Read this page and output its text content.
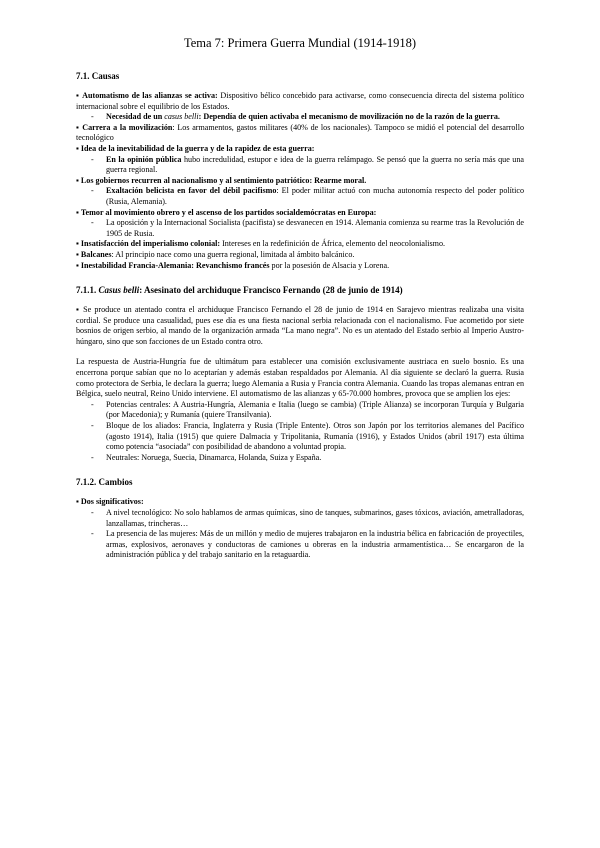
Tema 7: Primera Guerra Mundial (1914-1918)
7.1. Causas

▪ Automatismo de las alianzas se activa: Dispositivo bélico concebido para activarse, como consecuencia directa del sistema político internacional sobre el equilibrio de los Estados.

- Necesidad de un casus belli: Dependía de quien activaba el mecanismo de movilización no de la razón de la guerra.

▪ Carrera a la movilización: Los armamentos, gastos militares (40% de los nacionales). Tampoco se midió el potencial del desarrollo tecnológico

▪ Idea de la inevitabilidad de la guerra y de la rapidez de esta guerra:

- En la opinión pública hubo incredulidad, estupor e idea de la guerra relámpago. Se pensó que la guerra no sería más que una guerra regional.

▪ Los gobiernos recurren al nacionalismo y al sentimiento patriótico: Rearme moral.

- Exaltación belicista en favor del débil pacifismo: El poder militar actuó con mucha autonomía respecto del poder político (Rusia, Alemania).

▪ Temor al movimiento obrero y el ascenso de los partidos socialdemócratas en Europa:

- La oposición y la Internacional Socialista (pacifista) se desvanecen en 1914. Alemania comienza su rearme tras la Revolución de 1905 de Rusia.

▪ Insatisfacción del imperialismo colonial: Intereses en la redefinición de África, elemento del neocolonialismo.

▪ Balcanes: Al principio nace como una guerra regional, limitada al ámbito balcánico.

▪ Inestabilidad Francia-Alemania: Revanchismo francés por la posesión de Alsacia y Lorena.

7.1.1. Casus belli: Asesinato del archiduque Francisco Fernando (28 de junio de 1914)

▪ Se produce un atentado contra el archiduque Francisco Fernando el 28 de junio de 1914 en Sarajevo mientras realizaba una visita cordial. Se produce una casualidad, pues ese día es una fiesta nacional serbia relacionada con el nacionalismo. Fue acometido por siete bosnios de origen serbio, al mando de la organización armada “La mano negra”. No es un atentado del Estado serbio al Imperio Austro-húngaro, sino que son facciones de un Estado contra otro.

La respuesta de Austria-Hungría fue de ultimátum para establecer una comisión exclusivamente austriaca en suelo bosnio. Es una encerrona porque sabían que no lo aceptarían y además estaban respaldados por Alemania. Al día siguiente se declaró la guerra. Rusia como protectora de Serbia, le declara la guerra; luego Alemania a Rusia y Francia contra Alemania. Cuando las tropas alemanas entran en Bélgica, suelo neutral, Reino Unido interviene. El automatismo de las alianzas y 65-70.000 hombres, provoca que se amplien los ejes:

- Potencias centrales: A Austria-Hungría, Alemania e Italia (luego se cambia) (Triple Alianza) se incorporan Turquía y Bulgaria (por Macedonia); y Rumanía (quiere Transilvania).

- Bloque de los aliados: Francia, Inglaterra y Rusia (Triple Entente). Otros son Japón por los territorios alemanes del Pacífico (agosto 1914), Italia (1915) que quiere Dalmacia y Tripolitania, Rumanía (1916), y Estados Unidos (abril 1917) esta última como potencia “asociada” con posibilidad de abandono a voluntad propia.

- Neutrales: Noruega, Suecia, Dinamarca, Holanda, Suiza y España.

7.1.2. Cambios

▪ Dos significativos:

- A nivel tecnológico: No solo hablamos de armas químicas, sino de tanques, submarinos, gases tóxicos, aviación, ametralladoras, lanzallamas, trincheras…

- La presencia de las mujeres: Más de un millón y medio de mujeres trabajaron en la industria bélica en fabricación de proyectiles, armas, explosivos, aeronaves y conductoras de camiones u obreras en la industria armamentística… Se encargaron de la administración pública y del trabajo sanitario en la retaguardia.
